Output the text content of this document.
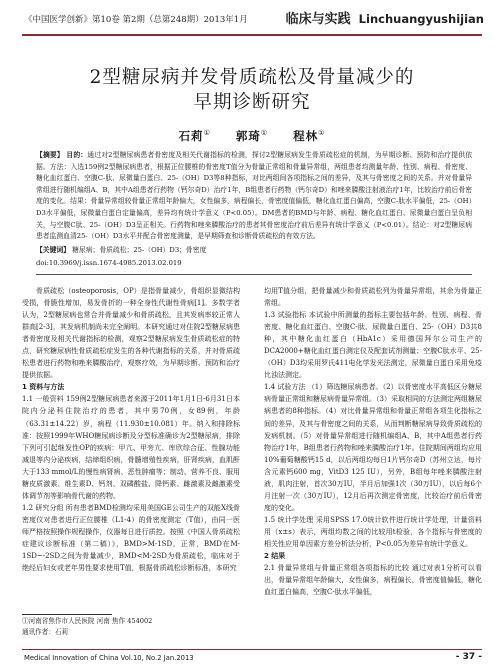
《中国医学创新》第10卷 第2期（总第248期）2013年1月	临床与实践 Linchuangyushijian
2型糖尿病并发骨质疏松及骨量减少的
早期诊断研究
石莉① 郭琦① 程林①
【摘要】 目的：通过对2型糖尿病患者骨密度及相关代谢指标的检测，探讨2型糖尿病发生骨质疏松症的机制，为早期诊断、预防和治疗提供依据。方法：入选159例2型糖尿病患者，根据正位腰椎的骨密度T值分为骨量正常组和骨量异常组，两组患者均测量年龄、性别、病程、骨密度、糖化血红蛋白、空腹C-肽、尿微量白蛋白、25-（OH）D3等8种指标，对比两组间各项指标之间的差异，及其与骨密度之间的关系。并对骨量异常组进行随机编组A、B，其中A组患者行药物（钙尔奇D）治疗1年，B组患者行药物（钙尔奇D）和唑来膦酸注射液治疗1年，比较治疗前后骨密度的变化。结果：骨量异常组较骨量正常组年龄偏大，女性偏多，病程偏长，骨密度值偏低，糖化血红蛋白偏高，空腹C-肽水平偏低，25-（OH）D3水平偏低，尿微量白蛋白定量偏高，差异均有统计学意义（P<0.05）。DM患者的BMD与年龄、病程、糖化血红蛋白、尿微量白蛋白呈负相关，与空腹C肽、25-（OH）D3呈正相关。行药物和唑来膦酸治疗的患者其骨密度治疗前后差异有统计学意义（P<0.01）。结论：对2型糖尿病患者监测血清25-（OH）D3水平并配合骨密度测量，是早期筛查和诊断骨质疏松的有效方法。
【关键词】 糖尿病；骨质疏松；25-（OH）D3；骨密度
doi:10.3969/j.issn.1674-4985.2013.02.019

骨质疏松（osteoporosis，OP）是指骨量减少，骨组织显微结构受损，骨脆性增加，易发骨折的一种全身性代谢性骨病[1]。多数学者认为，2型糖尿病也常合并骨量减少和骨质疏松，且其发病率较正常人群高[2-3]，其发病机制尚未完全阐明。本研究通过对住院2型糖尿病患者骨密度及相关代谢指标的检测，观察2型糖尿病发生骨质疏松症的特点，研究糖尿病性骨质疏松症发生的各种代谢指标的关系，并对骨质疏松患者进行药物和唑来膦酸治疗，观察疗效，为早期诊断、预防和治疗提供依据。

1 资料与方法

1.1 一般资料 159例2型糖尿病患者来源于2011年1月1日-6月31日本院内分泌科住院治疗的患者，其中男70例，女89例，年龄（63.31±14.22）岁，病程（11.930±10.081）年。纳入和排除标准：按照1999年WHO糖尿病诊断及分型标准确诊为2型糖尿病，排除下列可引起继发性OP的疾病：甲亢、甲旁亢、库欣综合征、性腺功能减退等内分泌疾病，结缔组织病，骨髓增殖性疾病，肝肾疾病，血肌酐大于133 mmol/L的慢性病肾病、恶性肿瘤等；制动、营养不良、服用糖皮质激素、维生素D、钙剂、双磷酸盐、降钙素、雌激素及雌激素受体调节剂等影响骨代谢的药物。

1.2 研究分组 所有患者BMD检测均采用美国GE公司生产的双能X线骨密度仪对患者进行正位腰椎（L1-4）的骨密度测定（T值），由同一医师严格按照操作规程操作，仪器每日进行质控。按照《中国人骨质疏松症建议诊断标准（第二稿）》，BMD>M-1SD，正常，BMD在M-1SD~-2SD之间为骨量减少，BMD<M-2SD为骨质疏松，临床对于绝经后妇女或老年男性要求使用T值，根据骨质疏松诊断标准，本研究

均用T值分组，把骨量减少和骨质疏松列为骨量异常组，其余为骨量正常组。

1.3 试验指标 本试验中所测量的指标主要包括年龄、性别、病程、骨密度、糖化血红蛋白、空腹C-肽、尿微量白蛋白、25-（OH）D3共8种，其中糖化血红蛋白（HbA1c）采用德国拜尔公司生产的DCA2000+糖化血红蛋白测定仪及配套试剂测量；空腹C肽水平、25-（OH）D3均采用罗氏411电化学发光法测定，尿微量白蛋白采用免疫比浊法测定。

1.4 试验方法 （1）筛选糖尿病患者。（2）以骨密度水平高低区分糖尿病骨量正常组和糖尿病骨量异常组。（3）采取相同的方法测定两组糖尿病患者的8种指标。（4）对比骨量异常组和骨量正常组各项生化指标之间的差异，及其与骨密度之间的关系，从而判断糖尿病导致骨质疏松的发病机制。（5）对骨量异常组进行随机编组A、B，其中A组患者行药物治疗1年，B组患者行药物和唑来膦酸治疗1年。住院期间两组均应用10%葡萄糖酸钙15 d，以后两组均每日1片钙尔奇D（苏州立达，每片含元素钙600 mg，VitD3 125 IU），另外，B组每年唑来膦酸注射液，肌肉注射，首次30万IU，半月后加强1次（30万IU），以后每6个月注射一次（30万IU），12月后再次测定骨密度，比较治疗前后骨密度的变化。

1.5 统计学处理 采用SPSS 17.0统计软件进行统计学处理，计量资料用（x±s）表示，两组均数之间的比较用t检验，各个指标与骨密度的相关性应用单因素方差分析法分析，P<0.05为差异有统计学意义。

2 结果

2.1 骨量异常组与骨量正常组各项指标的比较 通过对表1分析可以看出，骨量异常组年龄偏大，女性偏多，病程偏长，骨密度值偏低，糖化血红蛋白偏高，空腹C-肽水平偏低，

①河南省焦作市人民医院 河南 焦作 454002
通讯作者：石莉
Medical Innovation of China Vol.10, No.2 Jan.2013	- 37 -
